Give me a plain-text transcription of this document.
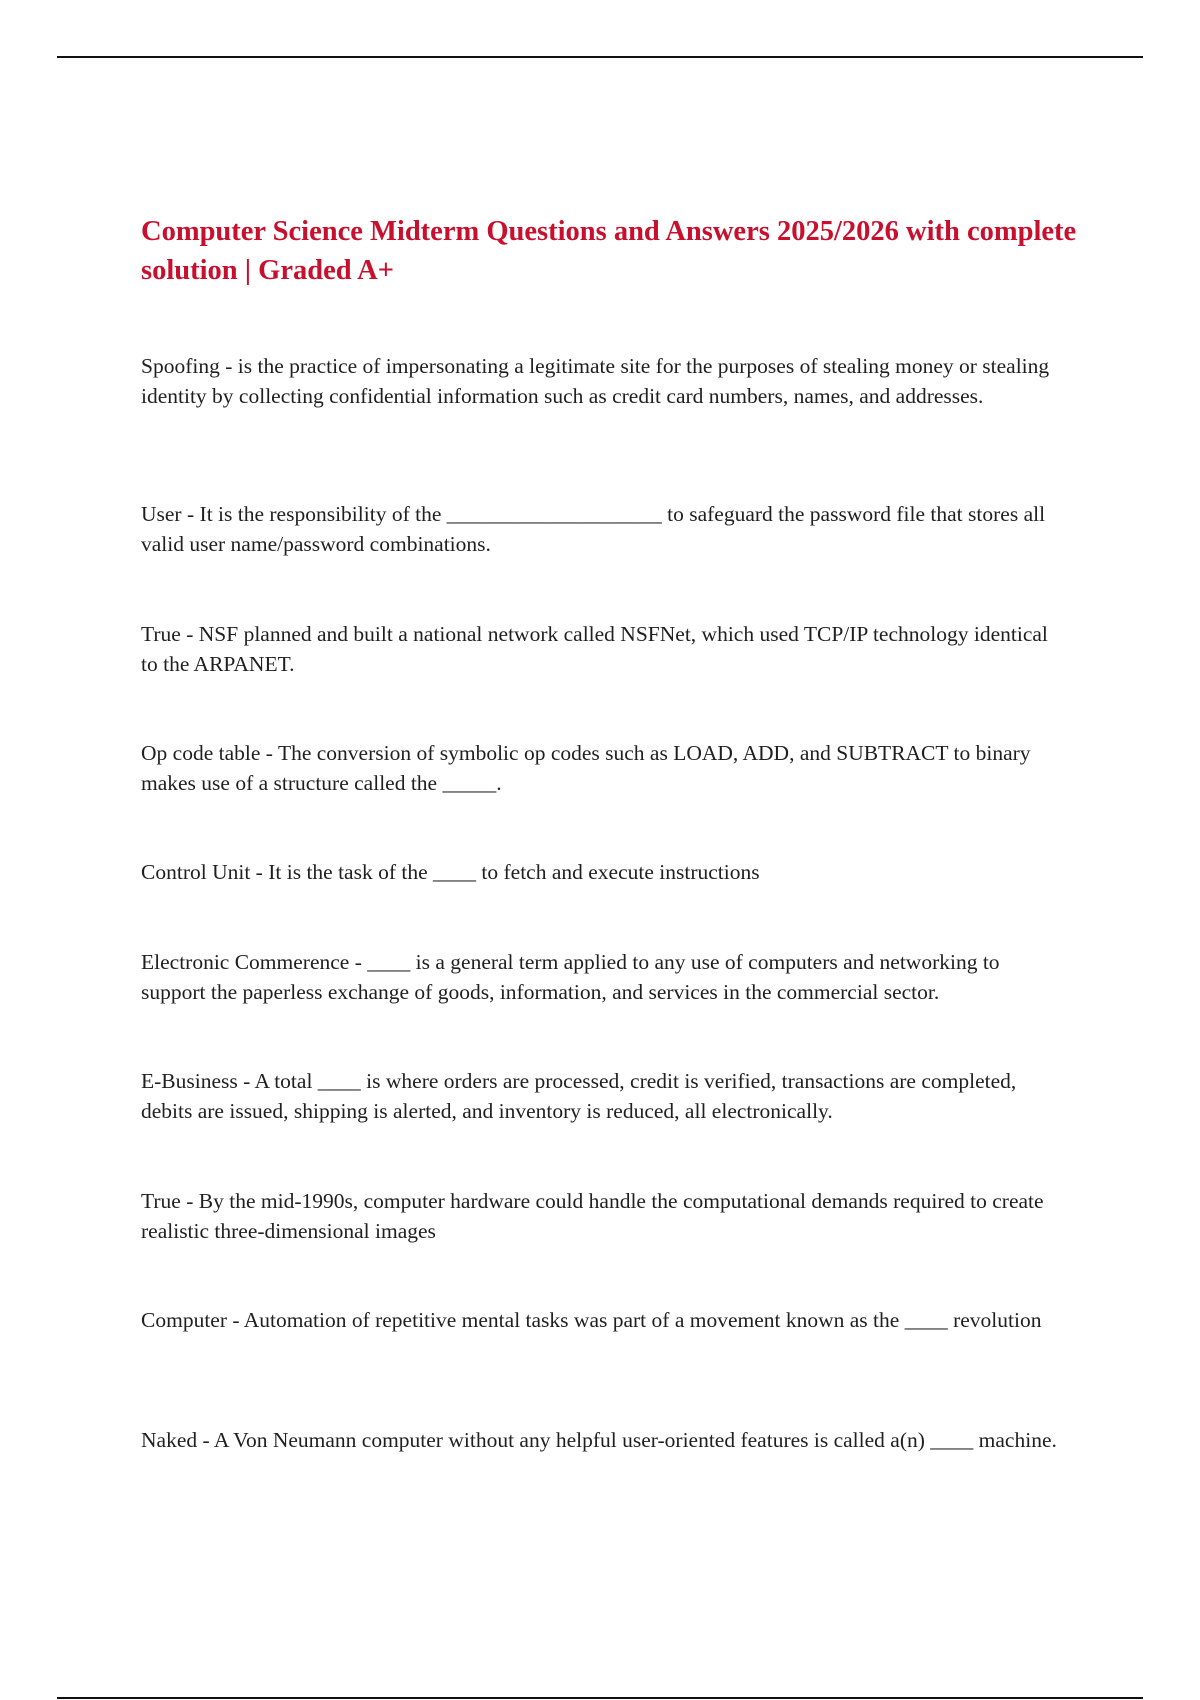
Computer Science Midterm Questions and Answers 2025/2026 with complete solution | Graded A+

Spoofing - is the practice of impersonating a legitimate site for the purposes of stealing money or stealing identity by collecting confidential information such as credit card numbers, names, and addresses.

User - It is the responsibility of the ____________________ to safeguard the password file that stores all valid user name/password combinations.

True - NSF planned and built a national network called NSFNet, which used TCP/IP technology identical to the ARPANET.

Op code table - The conversion of symbolic op codes such as LOAD, ADD, and SUBTRACT to binary makes use of a structure called the _____.

Control Unit - It is the task of the ____ to fetch and execute instructions

Electronic Commerence - ____ is a general term applied to any use of computers and networking to support the paperless exchange of goods, information, and services in the commercial sector.

E-Business - A total ____ is where orders are processed, credit is verified, transactions are completed, debits are issued, shipping is alerted, and inventory is reduced, all electronically.

True - By the mid-1990s, computer hardware could handle the computational demands required to create realistic three-dimensional images

Computer - Automation of repetitive mental tasks was part of a movement known as the ____ revolution

Naked - A Von Neumann computer without any helpful user-oriented features is called a(n) ____ machine.
